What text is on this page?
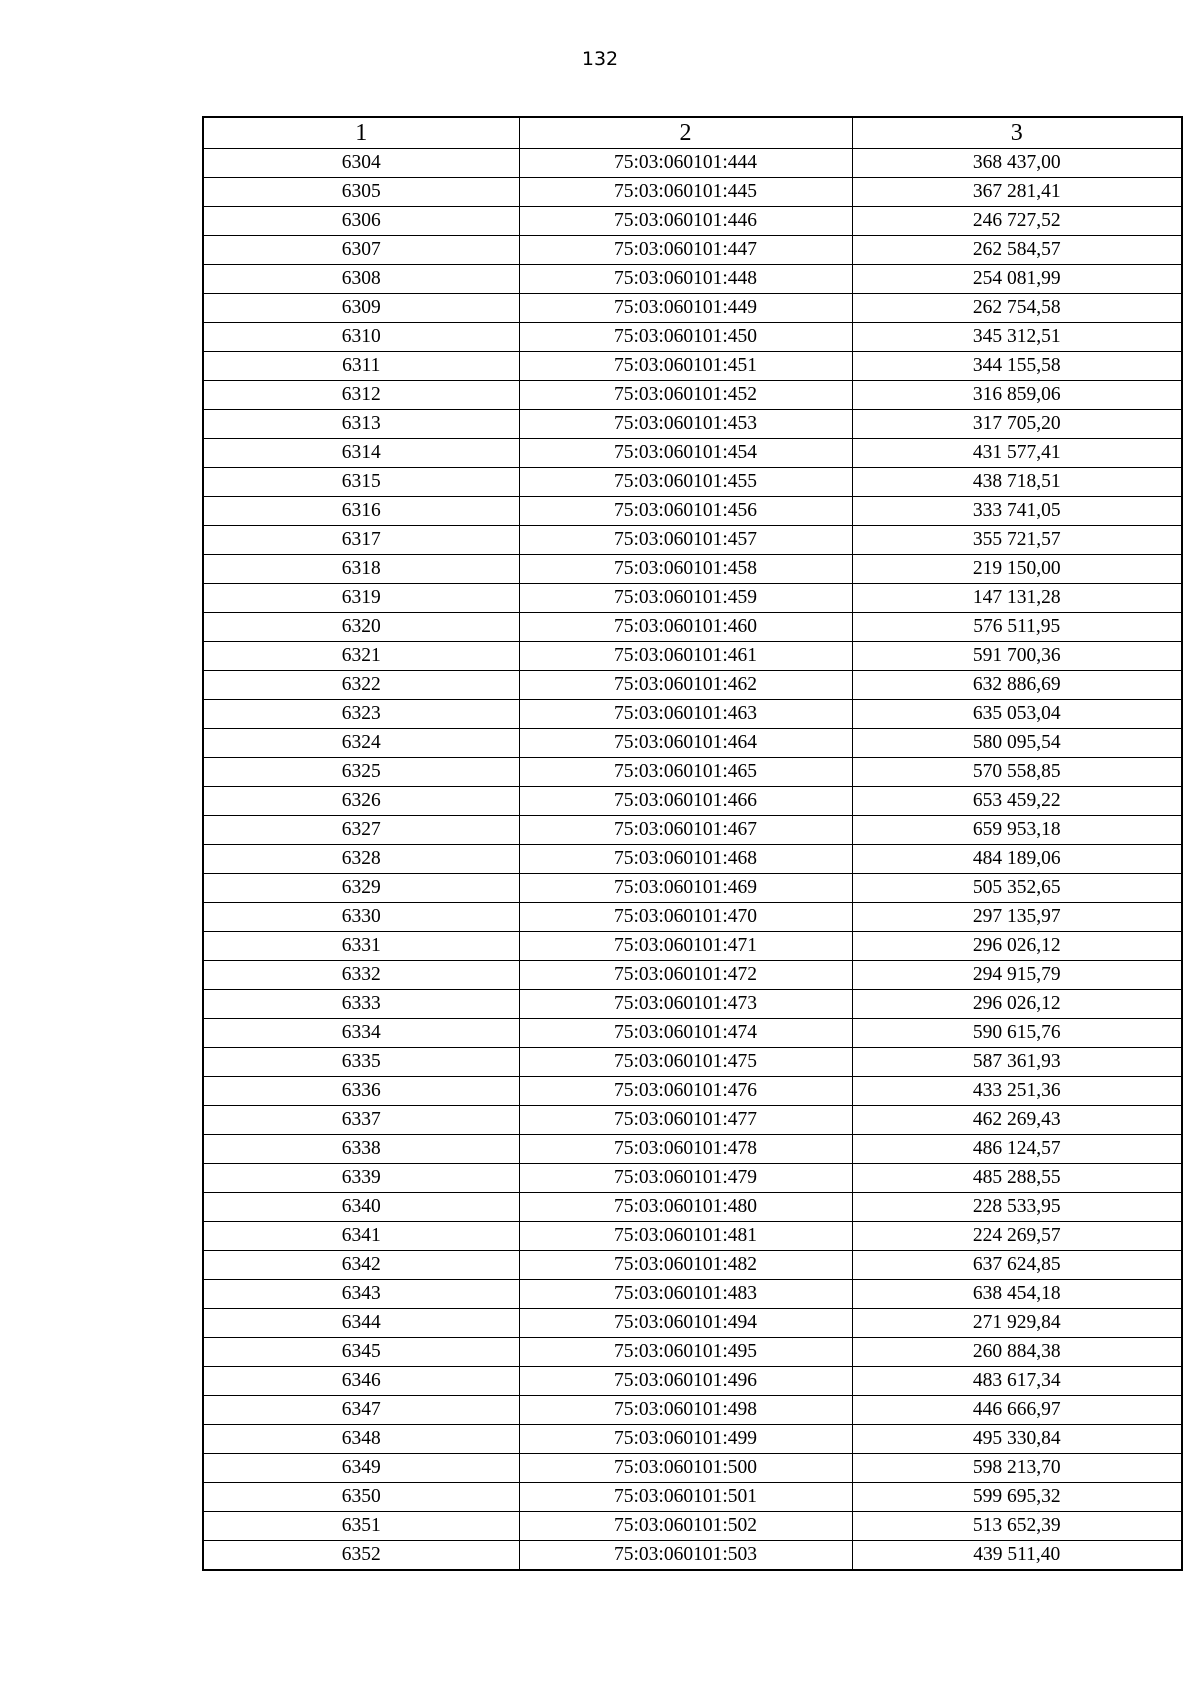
132
1	2	3
6304	75:03:060101:444	368 437,00
6305	75:03:060101:445	367 281,41
6306	75:03:060101:446	246 727,52
6307	75:03:060101:447	262 584,57
6308	75:03:060101:448	254 081,99
6309	75:03:060101:449	262 754,58
6310	75:03:060101:450	345 312,51
6311	75:03:060101:451	344 155,58
6312	75:03:060101:452	316 859,06
6313	75:03:060101:453	317 705,20
6314	75:03:060101:454	431 577,41
6315	75:03:060101:455	438 718,51
6316	75:03:060101:456	333 741,05
6317	75:03:060101:457	355 721,57
6318	75:03:060101:458	219 150,00
6319	75:03:060101:459	147 131,28
6320	75:03:060101:460	576 511,95
6321	75:03:060101:461	591 700,36
6322	75:03:060101:462	632 886,69
6323	75:03:060101:463	635 053,04
6324	75:03:060101:464	580 095,54
6325	75:03:060101:465	570 558,85
6326	75:03:060101:466	653 459,22
6327	75:03:060101:467	659 953,18
6328	75:03:060101:468	484 189,06
6329	75:03:060101:469	505 352,65
6330	75:03:060101:470	297 135,97
6331	75:03:060101:471	296 026,12
6332	75:03:060101:472	294 915,79
6333	75:03:060101:473	296 026,12
6334	75:03:060101:474	590 615,76
6335	75:03:060101:475	587 361,93
6336	75:03:060101:476	433 251,36
6337	75:03:060101:477	462 269,43
6338	75:03:060101:478	486 124,57
6339	75:03:060101:479	485 288,55
6340	75:03:060101:480	228 533,95
6341	75:03:060101:481	224 269,57
6342	75:03:060101:482	637 624,85
6343	75:03:060101:483	638 454,18
6344	75:03:060101:494	271 929,84
6345	75:03:060101:495	260 884,38
6346	75:03:060101:496	483 617,34
6347	75:03:060101:498	446 666,97
6348	75:03:060101:499	495 330,84
6349	75:03:060101:500	598 213,70
6350	75:03:060101:501	599 695,32
6351	75:03:060101:502	513 652,39
6352	75:03:060101:503	439 511,40
